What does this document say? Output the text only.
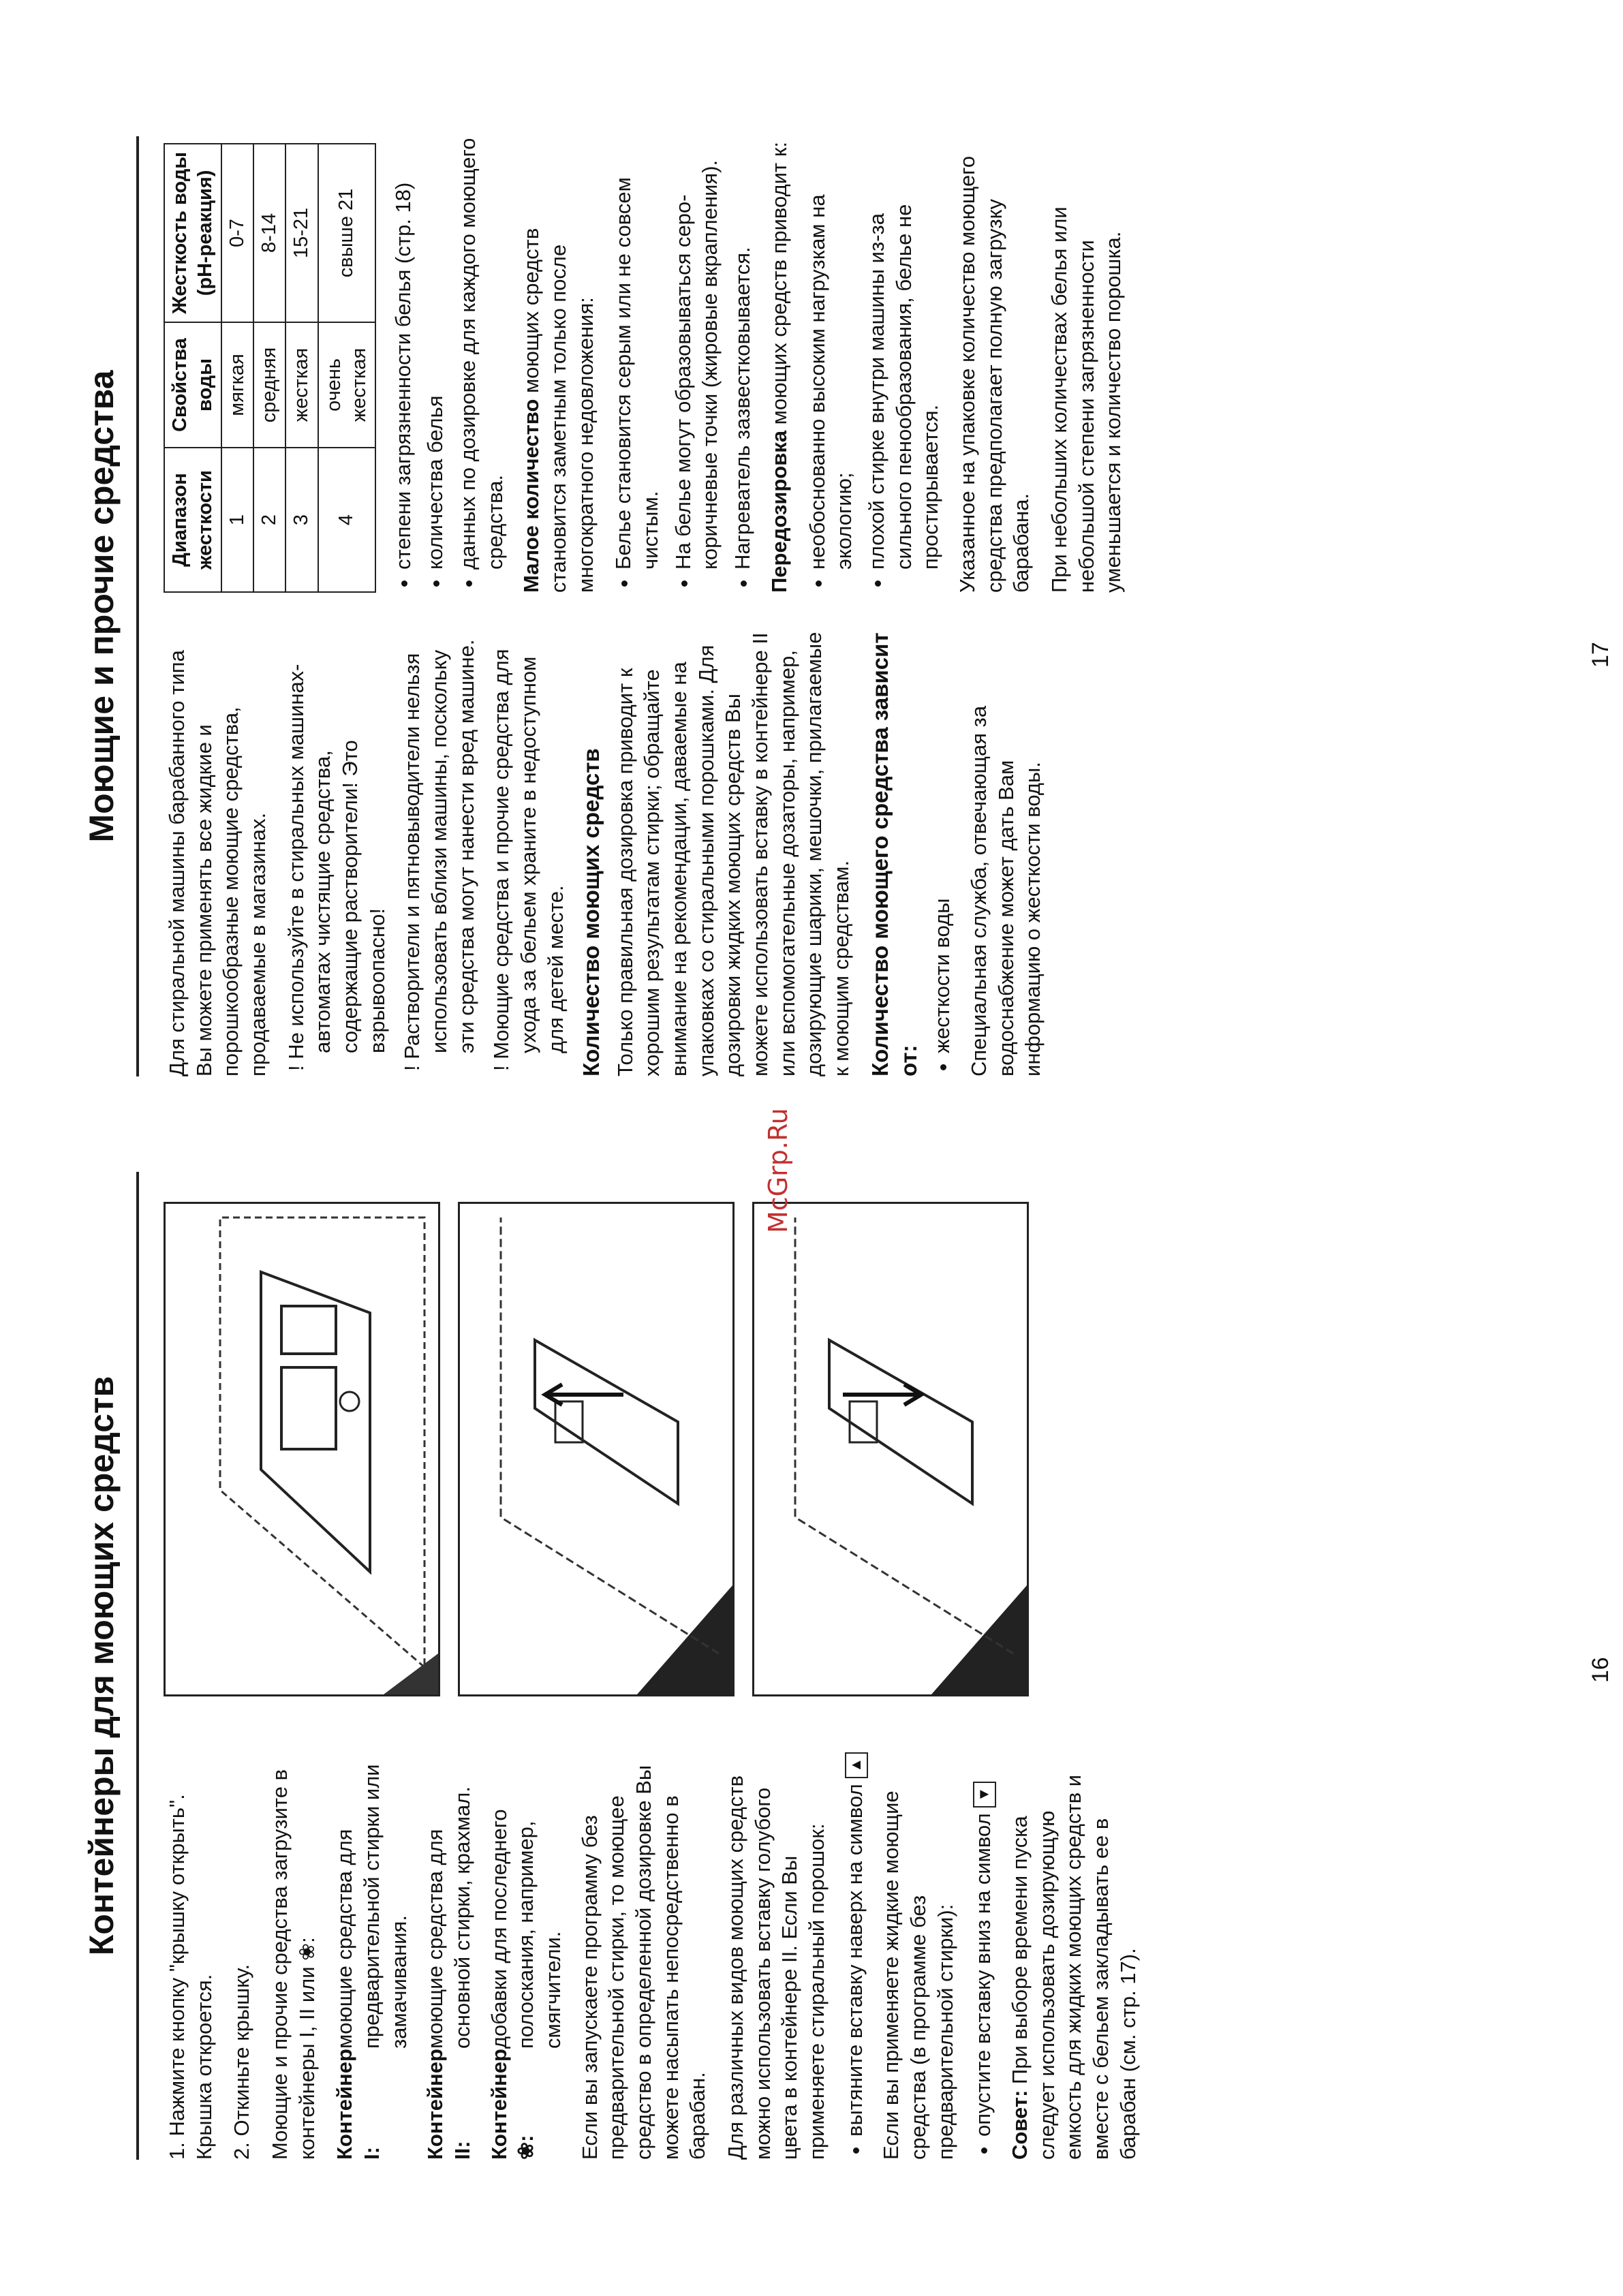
Контейнеры для моющих средств

1. Нажмите кнопку "крышку открыть". Крышка откроется. 2. Откиньте крышку. Моющие и прочие средства загрузите в контейнеры I, II или ❀: Контейнер I:
моющие средства для предварительной стирки или замачивания.
Контейнер II:
моющие средства для основной стирки, крахмал.
Контейнер ❀:
добавки для последнего полоскания, например, смягчители. Если вы запускаете программу без предварительной стирки, то моющее средство в определенной дозировке Вы можете насыпать непосредственно в барабан. Для различных видов моющих средств можно использовать вставку голубого цвета в контейнере II. Если Вы применяете стиральный порошок: • вытяните вставку наверх на символ ▲

Если вы применяете жидкие моющие средства (в программе без предварительной стирки): • опустите вставку вниз на символ ▼

Совет: При выборе времени пуска следует использовать дозирующую емкость для жидких моющих средств и вместе с бельем закладывать ее в барабан (см. стр. 17).

16
Моющие и прочие средства

Для стиральной машины барабанного типа Вы можете применять все жидкие и порошкообразные моющие средства, продаваемые в магазинах. ! Не используйте в стиральных машинах-автоматах чистящие средства, содержащие растворители! Это взрывоопасно! ! Растворители и пятновыводители нельзя использовать вблизи машины, поскольку эти средства могут нанести вред машине. ! Моющие средства и прочие средства для ухода за бельем храните в недоступном для детей месте. Количество моющих средств Только правильная дозировка приводит к хорошим результатам стирки; обращайте внимание на рекомендации, даваемые на упаковках со стиральными порошками. Для дозировки жидких моющих средств Вы можете использовать вставку в контейнере II или вспомогательные дозаторы, например, дозирующие шарики, мешочки, прилагаемые к моющим средствам. Количество моющего средства зависит от:
• жесткости воды Специальная служба, отвечающая за водоснабжение может дать Вам информацию о жесткости воды.

Диапазон жесткости	Свойства воды	Жесткость воды (pH-реакция)
1	мягкая	0-7
2	средняя	8-14
3	жесткая	15-21
4	очень жесткая	свыше 21 • степени загрязненности белья (стр. 18) • количества белья • данных по дозировке для каждого моющего средства. Малое количество моющих средств становится заметным только после многократного недовложения: • Белье становится серым или не совсем чистым. • На белье могут образовываться серо-коричневые точки (жировые вкрапления). • Нагреватель зазвестковывается. Передозировка моющих средств приводит к: • необоснованно высоким нагрузкам на экологию; • плохой стирке внутри машины из-за сильного пенообразования, белье не простирывается. Указанное на упаковке количество моющего средства предполагает полную загрузку барабана. При небольших количествах белья или небольшой степени загрязненности уменьшается и количество порошка.

17
McGrp.Ru
